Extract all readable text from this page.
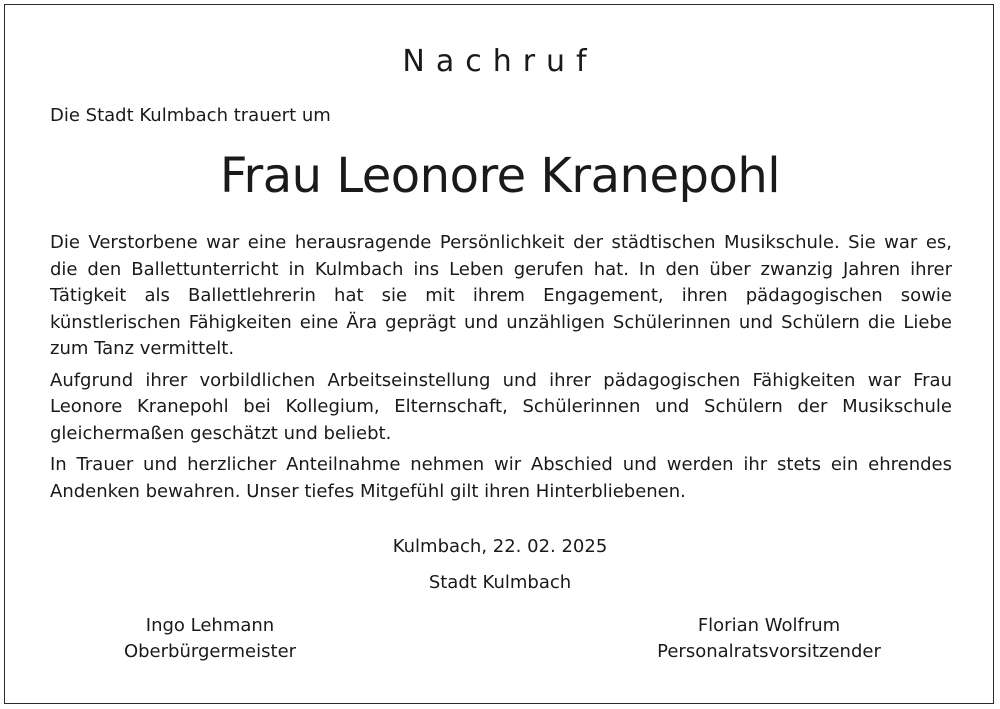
Nachruf
Die Stadt Kulmbach trauert um
Frau Leonore Kranepohl

Die Verstorbene war eine herausragende Persönlichkeit der städtischen Musikschule. Sie war es, die den Ballettunterricht in Kulmbach ins Leben gerufen hat. In den über zwanzig Jahren ihrer Tätigkeit als Ballettlehrerin hat sie mit ihrem Engagement, ihren pädagogischen sowie künstlerischen Fähigkeiten eine Ära geprägt und unzähligen Schülerinnen und Schülern die Liebe zum Tanz vermittelt.

Aufgrund ihrer vorbildlichen Arbeitseinstellung und ihrer pädagogischen Fähigkeiten war Frau Leonore Kranepohl bei Kollegium, Elternschaft, Schülerinnen und Schülern der Musikschule gleichermaßen geschätzt und beliebt.

In Trauer und herzlicher Anteilnahme nehmen wir Abschied und werden ihr stets ein ehrendes Andenken bewahren. Unser tiefes Mitgefühl gilt ihren Hinterbliebenen.

Kulmbach, 22. 02. 2025
Stadt Kulmbach
Ingo Lehmann
Oberbürgermeister
Florian Wolfrum
Personalratsvorsitzender
